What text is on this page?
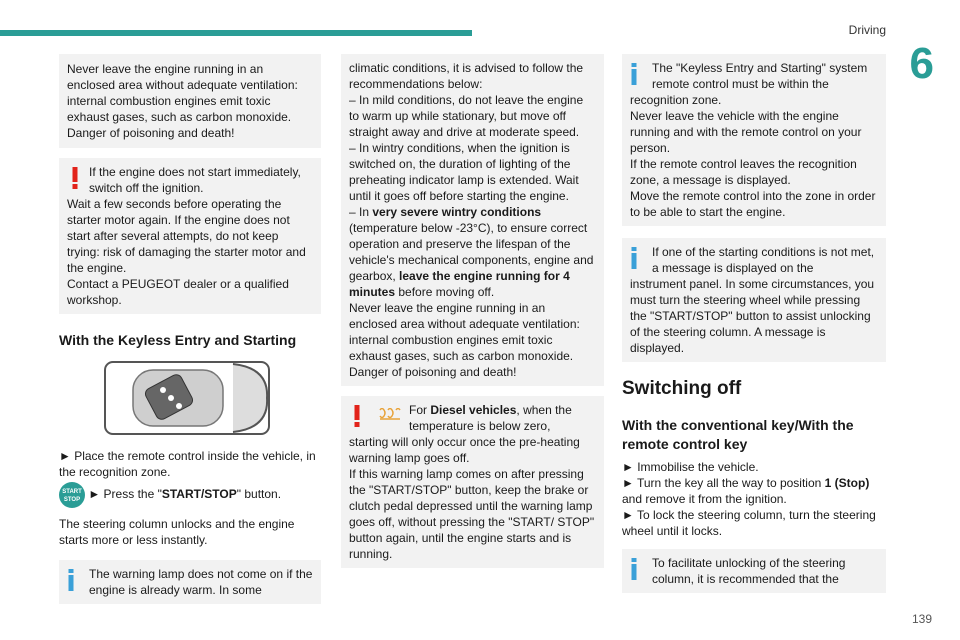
Driving
6

Never leave the engine running in an enclosed area without adequate ventilation: internal combustion engines emit toxic exhaust gases, such as carbon monoxide. Danger of poisoning and death!

If the engine does not start immediately, switch off the ignition.

Wait a few seconds before operating the starter motor again. If the engine does not start after several attempts, do not keep trying: risk of damaging the starter motor and the engine.

Contact a PEUGEOT dealer or a qualified workshop.

With the Keyless Entry and Starting

► Place the remote control inside the vehicle, in the recognition zone.

START
STOP ► Press the "START/STOP" button.

The steering column unlocks and the engine starts more or less instantly.

The warning lamp does not come on if the engine is already warm. In some

climatic conditions, it is advised to follow the recommendations below:

– In mild conditions, do not leave the engine to warm up while stationary, but move off straight away and drive at moderate speed.

– In wintry conditions, when the ignition is switched on, the duration of lighting of the preheating indicator lamp is extended. Wait until it goes off before starting the engine.

– In very severe wintry conditions (temperature below -23°C), to ensure correct operation and preserve the lifespan of the vehicle's mechanical components, engine and gearbox, leave the engine running for 4 minutes before moving off.

Never leave the engine running in an enclosed area without adequate ventilation: internal combustion engines emit toxic exhaust gases, such as carbon monoxide. Danger of poisoning and death!

For Diesel vehicles, when the temperature is below zero,

starting will only occur once the pre-heating warning lamp goes off.

If this warning lamp comes on after pressing the "START/STOP" button, keep the brake or clutch pedal depressed until the warning lamp goes off, without pressing the "START/ STOP" button again, until the engine starts and is running.

The "Keyless Entry and Starting" system remote control must be within the

recognition zone.

Never leave the vehicle with the engine running and with the remote control on your person.

If the remote control leaves the recognition zone, a message is displayed.

Move the remote control into the zone in order to be able to start the engine.

If one of the starting conditions is not met, a message is displayed on the

instrument panel. In some circumstances, you must turn the steering wheel while pressing the "START/STOP" button to assist unlocking of the steering column. A message is displayed.

Switching off
With the conventional key/With the remote control key

► Immobilise the vehicle.

► Turn the key all the way to position 1 (Stop) and remove it from the ignition.

► To lock the steering column, turn the steering wheel until it locks.

To facilitate unlocking of the steering column, it is recommended that the

139
